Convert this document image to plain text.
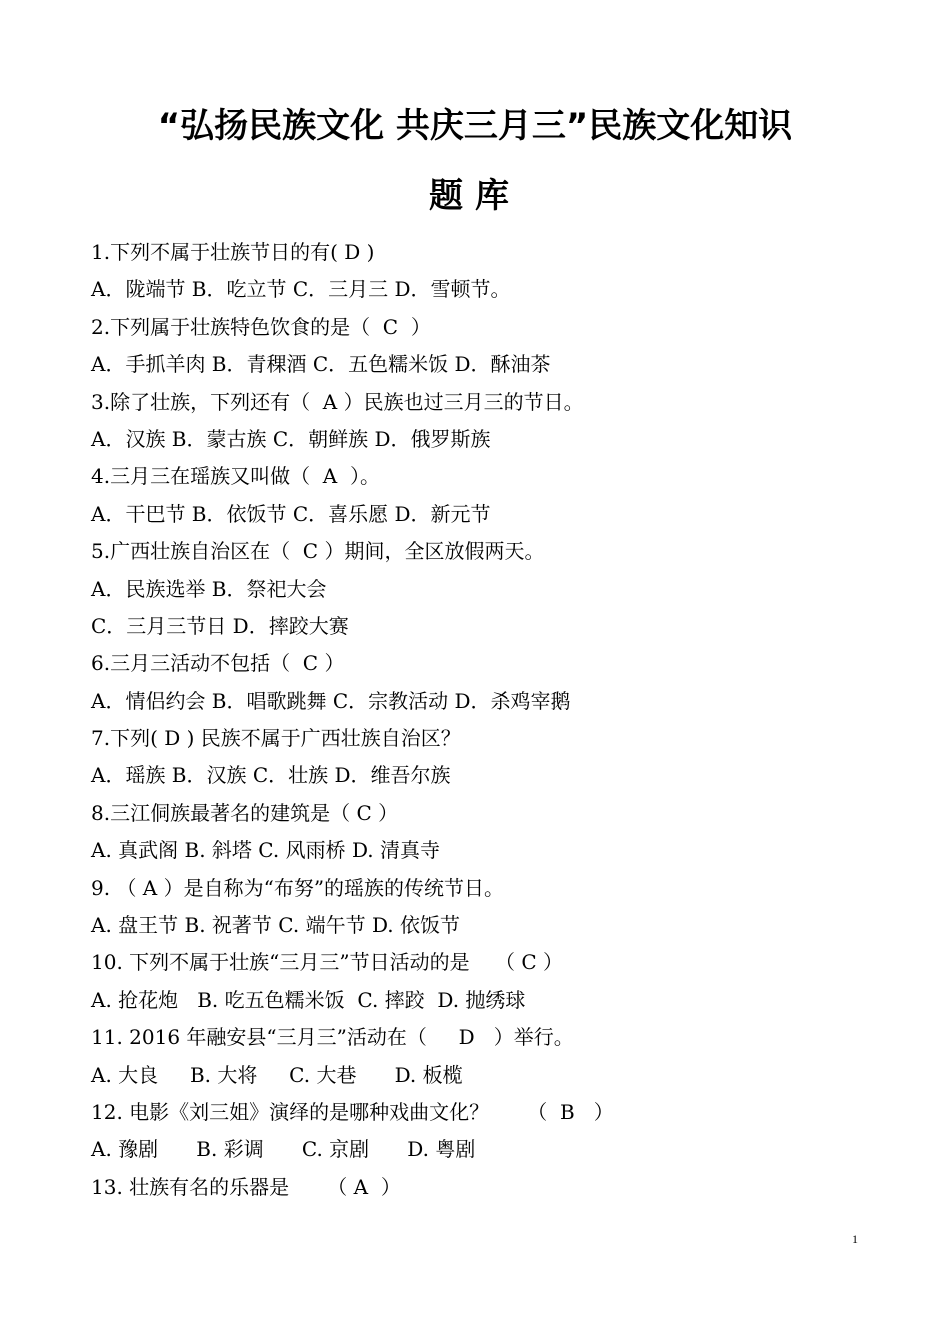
“弘扬民族文化 共庆三月三”民族文化知识
题库
1.下列不属于壮族节日的有( D )
A．陇端节 B．吃立节 C．三月三 D．雪顿节。
2.下列属于壮族特色饮食的是（  C  ）
A．手抓羊肉 B．青稞酒 C．五色糯米饭 D．酥油茶
3.除了壮族，下列还有（  A ）民族也过三月三的节日。
A．汉族 B．蒙古族 C．朝鲜族 D．俄罗斯族
4.三月三在瑶族又叫做（  A  ）。
A．干巴节 B．依饭节 C．喜乐愿 D．新元节
5.广西壮族自治区在（  C ）期间，全区放假两天。
A．民族选举 B．祭祀大会
C．三月三节日 D．摔跤大赛
6.三月三活动不包括（  C ）
A．情侣约会 B．唱歌跳舞 C．宗教活动 D．杀鸡宰鹅
7.下列( D ) 民族不属于广西壮族自治区？
A．瑶族 B．汉族 C．壮族 D．维吾尔族
8.三江侗族最著名的建筑是（ C ）
A. 真武阁 B. 斜塔 C. 风雨桥 D. 清真寺
9. （ A ）是自称为“布努”的瑶族的传统节日。
A. 盘王节 B. 祝著节 C. 端午节 D. 依饭节
10. 下列不属于壮族“三月三”节日活动的是    （ C ）
A. 抢花炮   B. 吃五色糯米饭  C. 摔跤  D. 抛绣球
11. 2016 年融安县“三月三”活动在（     D   ）举行。
A. 大良     B. 大将     C. 大巷      D. 板榄
12. 电影《刘三姐》演绎的是哪种戏曲文化？      （  B   ）
A. 豫剧      B. 彩调      C. 京剧      D. 粤剧
13. 壮族有名的乐器是      （ A  ）
1
